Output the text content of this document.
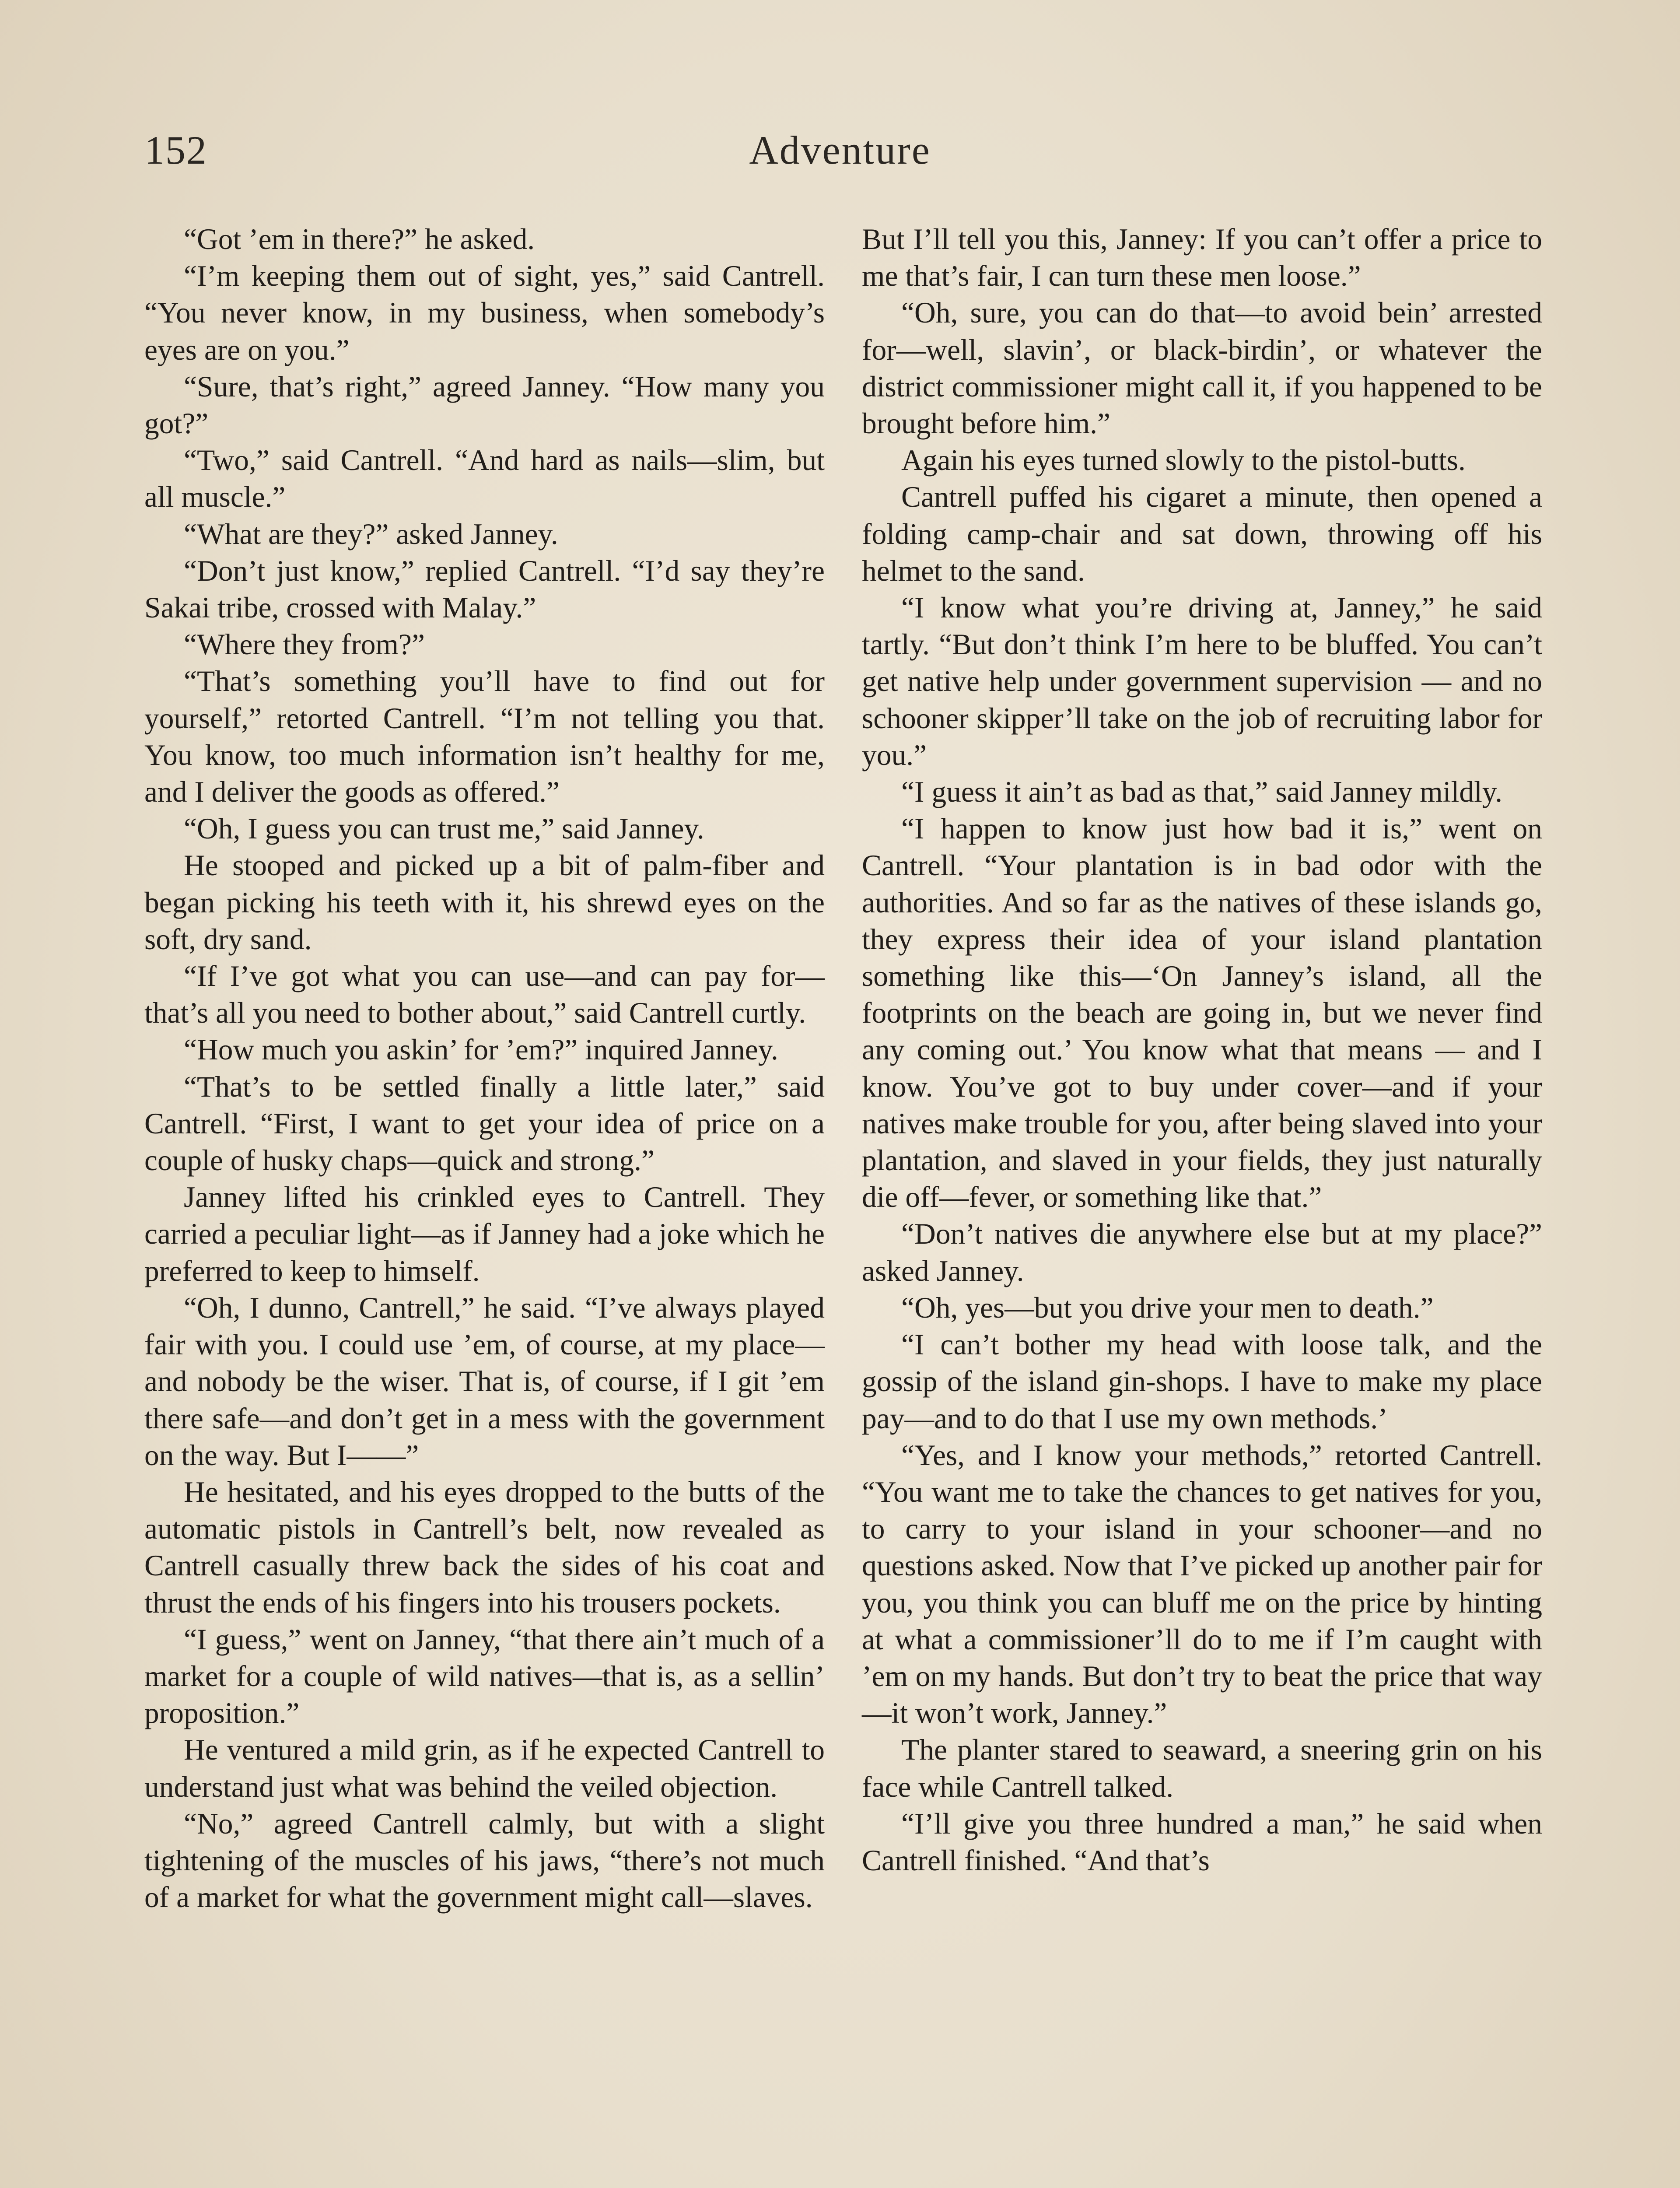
152	Adventure

“Got ’em in there?” he asked.

“I’m keeping them out of sight, yes,” said Cantrell. “You never know, in my business, when somebody’s eyes are on you.”

“Sure, that’s right,” agreed Janney. “How many you got?”

“Two,” said Cantrell. “And hard as nails—slim, but all muscle.”

“What are they?” asked Janney.

“Don’t just know,” replied Cantrell. “I’d say they’re Sakai tribe, crossed with Malay.”

“Where they from?”

“That’s something you’ll have to find out for yourself,” retorted Cantrell. “I’m not telling you that. You know, too much information isn’t healthy for me, and I deliver the goods as offered.”

“Oh, I guess you can trust me,” said Janney.

He stooped and picked up a bit of palm-fiber and began picking his teeth with it, his shrewd eyes on the soft, dry sand.

“If I’ve got what you can use—and can pay for—that’s all you need to bother about,” said Cantrell curtly.

“How much you askin’ for ’em?” inquired Janney.

“That’s to be settled finally a little later,” said Cantrell. “First, I want to get your idea of price on a couple of husky chaps—quick and strong.”

Janney lifted his crinkled eyes to Cantrell. They carried a peculiar light—as if Janney had a joke which he preferred to keep to himself.

“Oh, I dunno, Cantrell,” he said. “I’ve always played fair with you. I could use ’em, of course, at my place—and nobody be the wiser. That is, of course, if I git ’em there safe—and don’t get in a mess with the government on the way. But I——”

He hesitated, and his eyes dropped to the butts of the automatic pistols in Cantrell’s belt, now revealed as Cantrell casually threw back the sides of his coat and thrust the ends of his fingers into his trousers pockets.

“I guess,” went on Janney, “that there ain’t much of a market for a couple of wild natives—that is, as a sellin’ proposition.”

He ventured a mild grin, as if he expected Cantrell to understand just what was behind the veiled objection.

“No,” agreed Cantrell calmly, but with a slight tightening of the muscles of his jaws, “there’s not much of a market for what the government might call—slaves.

But I’ll tell you this, Janney: If you can’t offer a price to me that’s fair, I can turn these men loose.”

“Oh, sure, you can do that—to avoid bein’ arrested for—well, slavin’, or black-birdin’, or whatever the district commissioner might call it, if you happened to be brought before him.”

Again his eyes turned slowly to the pistol-butts.

Cantrell puffed his cigaret a minute, then opened a folding camp-chair and sat down, throwing off his helmet to the sand.

“I know what you’re driving at, Janney,” he said tartly. “But don’t think I’m here to be bluffed. You can’t get native help under government supervision — and no schooner skipper’ll take on the job of recruiting labor for you.”

“I guess it ain’t as bad as that,” said Janney mildly.

“I happen to know just how bad it is,” went on Cantrell. “Your plantation is in bad odor with the authorities. And so far as the natives of these islands go, they express their idea of your island plantation something like this—‘On Janney’s island, all the footprints on the beach are going in, but we never find any coming out.’ You know what that means — and I know. You’ve got to buy under cover—and if your natives make trouble for you, after being slaved into your plantation, and slaved in your fields, they just naturally die off—fever, or something like that.”

“Don’t natives die anywhere else but at my place?” asked Janney.

“Oh, yes—but you drive your men to death.”

“I can’t bother my head with loose talk, and the gossip of the island gin-shops. I have to make my place pay—and to do that I use my own methods.’

“Yes, and I know your methods,” retorted Cantrell. “You want me to take the chances to get natives for you, to carry to your island in your schooner—and no questions asked. Now that I’ve picked up another pair for you, you think you can bluff me on the price by hinting at what a commissioner’ll do to me if I’m caught with ’em on my hands. But don’t try to beat the price that way—it won’t work, Janney.”

The planter stared to seaward, a sneering grin on his face while Cantrell talked.

“I’ll give you three hundred a man,” he said when Cantrell finished. “And that’s
